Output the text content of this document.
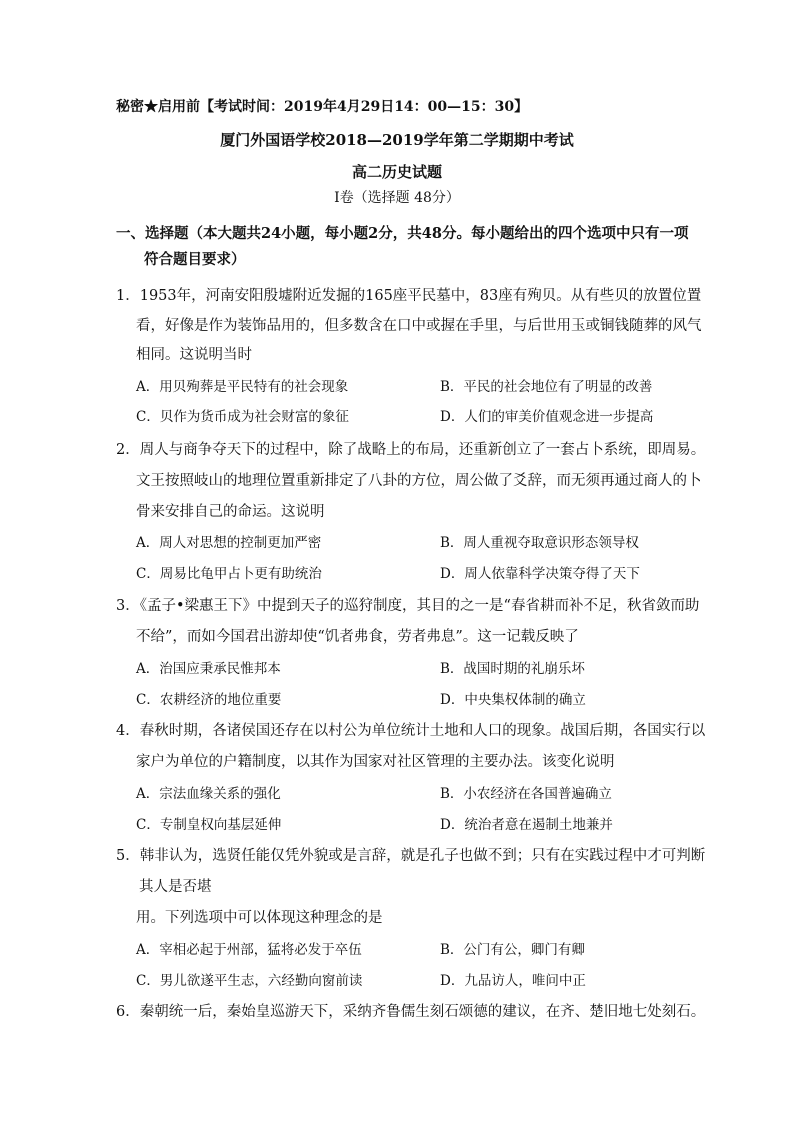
秘密★启用前【考试时间：2019年4月29日14：00—15：30】
厦门外国语学校2018—2019学年第二学期期中考试
高二历史试题
Ⅰ卷（选择题 48分）
一、选择题（本大题共24小题，每小题2分，共48分。每小题给出的四个选项中只有一项
符合题目要求）
1．1953年，河南安阳殷墟附近发掘的165座平民墓中，83座有殉贝。从有些贝的放置位置
看，好像是作为装饰品用的，但多数含在口中或握在手里，与后世用玉或铜钱随葬的风气
相同。这说明当时
A．用贝殉葬是平民特有的社会现象	B．平民的社会地位有了明显的改善
C．贝作为货币成为社会财富的象征	D．人们的审美价值观念进一步提高
2．周人与商争夺天下的过程中，除了战略上的布局，还重新创立了一套占卜系统，即周易。
文王按照岐山的地理位置重新排定了八卦的方位，周公做了爻辞，而无须再通过商人的卜
骨来安排自己的命运。这说明
A．周人对思想的控制更加严密	B．周人重视夺取意识形态领导权
C．周易比龟甲占卜更有助统治	D．周人依靠科学决策夺得了天下
3．《孟子•梁惠王下》中提到天子的巡狩制度，其目的之一是“春省耕而补不足，秋省敛而助
不给”，而如今国君出游却使“饥者弗食，劳者弗息”。这一记载反映了
A．治国应秉承民惟邦本	B．战国时期的礼崩乐坏
C．农耕经济的地位重要	D．中央集权体制的确立
4．春秋时期，各诸侯国还存在以村公为单位统计土地和人口的现象。战国后期，各国实行以
家户为单位的户籍制度，以其作为国家对社区管理的主要办法。该变化说明
A．宗法血缘关系的强化	B．小农经济在各国普遍确立
C．专制皇权向基层延伸	D．统治者意在遏制土地兼并
5．韩非认为，选贤任能仅凭外貌或是言辞，就是孔子也做不到；只有在实践过程中才可判断
其人是否堪
用。下列选项中可以体现这种理念的是
A．宰相必起于州部，猛将必发于卒伍	B．公门有公，卿门有卿
C．男儿欲遂平生志，六经勤向窗前读	D．九品访人，唯问中正
6．秦朝统一后，秦始皇巡游天下，采纳齐鲁儒生刻石颂德的建议，在齐、楚旧地七处刻石。
